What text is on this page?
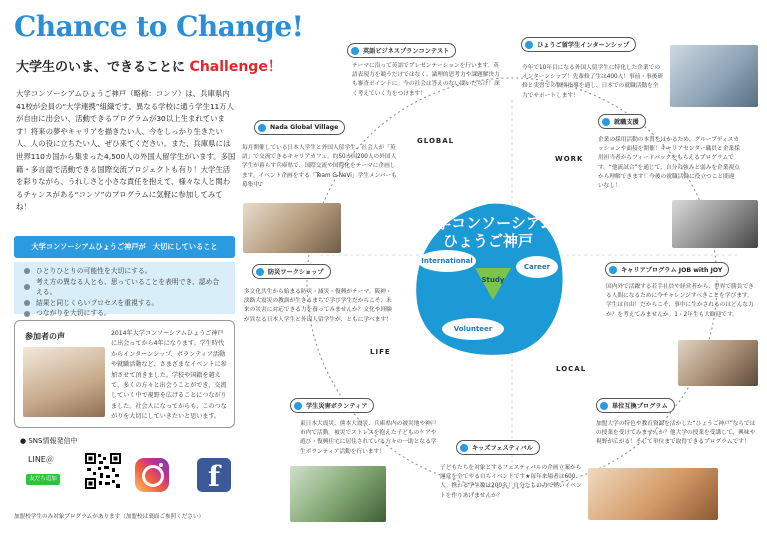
Chance to Change!
大学生のいま、できることに Challenge！
大学コンソーシアムひょうご神戸（略称：コンソ）は、兵庫県内41校が会員の“大学連携”組織です。異なる学校に通う学生11万人が自由に出会い、活動できるプログラムが30以上生まれています！将来の夢やキャリアを描きたい人、今をしっかり生きたい人、人の役に立ちたい人、ぜひ来てください。また、兵庫県には世界110カ国から集まった4,500人の外国人留学生がいます。多国籍・多言語で活動できる国際交流プロジェクトも有り！大学生活を彩りながら、うれしさと小さな責任を抱えて、様々な人と関わるチャンスがある“コンソ”のプログラムに気軽に参加してみてね！
大学コンソーシアムひょうご神戸が　大切にしていること
ひとりひとりの可能性を大切にする。
考え方の異なる人とも、思っていることを表明でき、認め合える。
結果と同じくらいプロセスを重視する。
つながりを大切にする。
参加者の声	2014年大学コンソーシアムひょうご神戸に出会ってから4年になります。学生時代からインターンシップ、ボランティア活動や就職活動など、さまざまなイベントに参加させて頂きました。学校や国籍を越えて、多くの方々と出会うことができ、交流していく中で視野を広げることにつながりました。社会人になってからも、このつながりを大切にしていきたいと思います。
● SNS情報発信中
LINE＠
友だち追加	f
加盟校学生のみ対象プログラムがあります（加盟校は裏面ご参照ください）
GLOBAL
WORK
LIFE
LOCAL
大学コンソーシアム
ひょうご神戸
International
Career
Study
Volunteer
英語ビジネスプランコンテスト
テーマに沿って英語でプレゼンテーションを行います。英語表現力を競うだけではなく、論理的思考力や課題解決力も審査ポイントに。今の社会は答えのない問いだらけ！深く考えていく力をつけます！
ひょうご留学生インターンシップ
今年で10年目になる外国人留学生に特化した企業でのインターンシップ！先輩修了生は400人！事前・事後研修と実習での個別指導を通し、日本での就職活動を全力でサポートします！
Nada Global Village
毎月開催している日本人学生と外国人留学生、社会人が「英語」で交流できるキャリアカフェ。約50カ国200人の外国人学生が暮らす兵庫県で、国際交流や国際化をテーマに企画します。イベント企画をする「Team G-NeVi」学生メンバーも募集中♪
就職支援
企業の採用活動の本質をはかるため、グループディスカッションや面接を開催！キャリアセンター職員と企業採用担当者からフィードバックをもらえるプログラムです。“他流試合”を通じて、自分の強みと弱みを企業視点から理解できます！今後の就職活動に役立つこと間違いなし！
防災ワークショップ
多文化共生から始まる防災・減災・復興がテーマ。阪神・淡路大震災の教訓が生きるまちで学び学生だからこそ、未来の災害に対応できる力を養ってみませんか？文化や経験が異なる日本人学生と外国人留学生が、ともに学べます！
キャリアプログラム JOB with JOY
国内外で活躍する若手社員や経営者から、世界で勝負できる人間になるために今チャレンジすべきことを学びます。学生は自由！だからこそ、事中に生かされるのはどんな力か？を考えてみませんか。1・2年生も大歓迎です。
学生災害ボランティア
東日本大震災、熊本大震災、兵庫県内の被災地や神戸市内で活動。被災でストレスを抱えた子どものケアや遊び・復興住宅に居住されている方々の一助となる学生ボランティア活動を行います！
単位互換プログラム
加盟大学の特色や教育資源を活かした“ひょうご神戸”ならではの授業を受けてみませんか？他大学の授業を受講して、興味や視野が広がる！そして単位まで取得できるプログラムです！
キッズフェスティバル
子どもたちを対象とするフェスティバルの企画立案から運営を全てやる自らイベントです★毎年来場者は600人。携わる学生数は200名！自分たちの力で熱いイベントを作りあげませんか？
